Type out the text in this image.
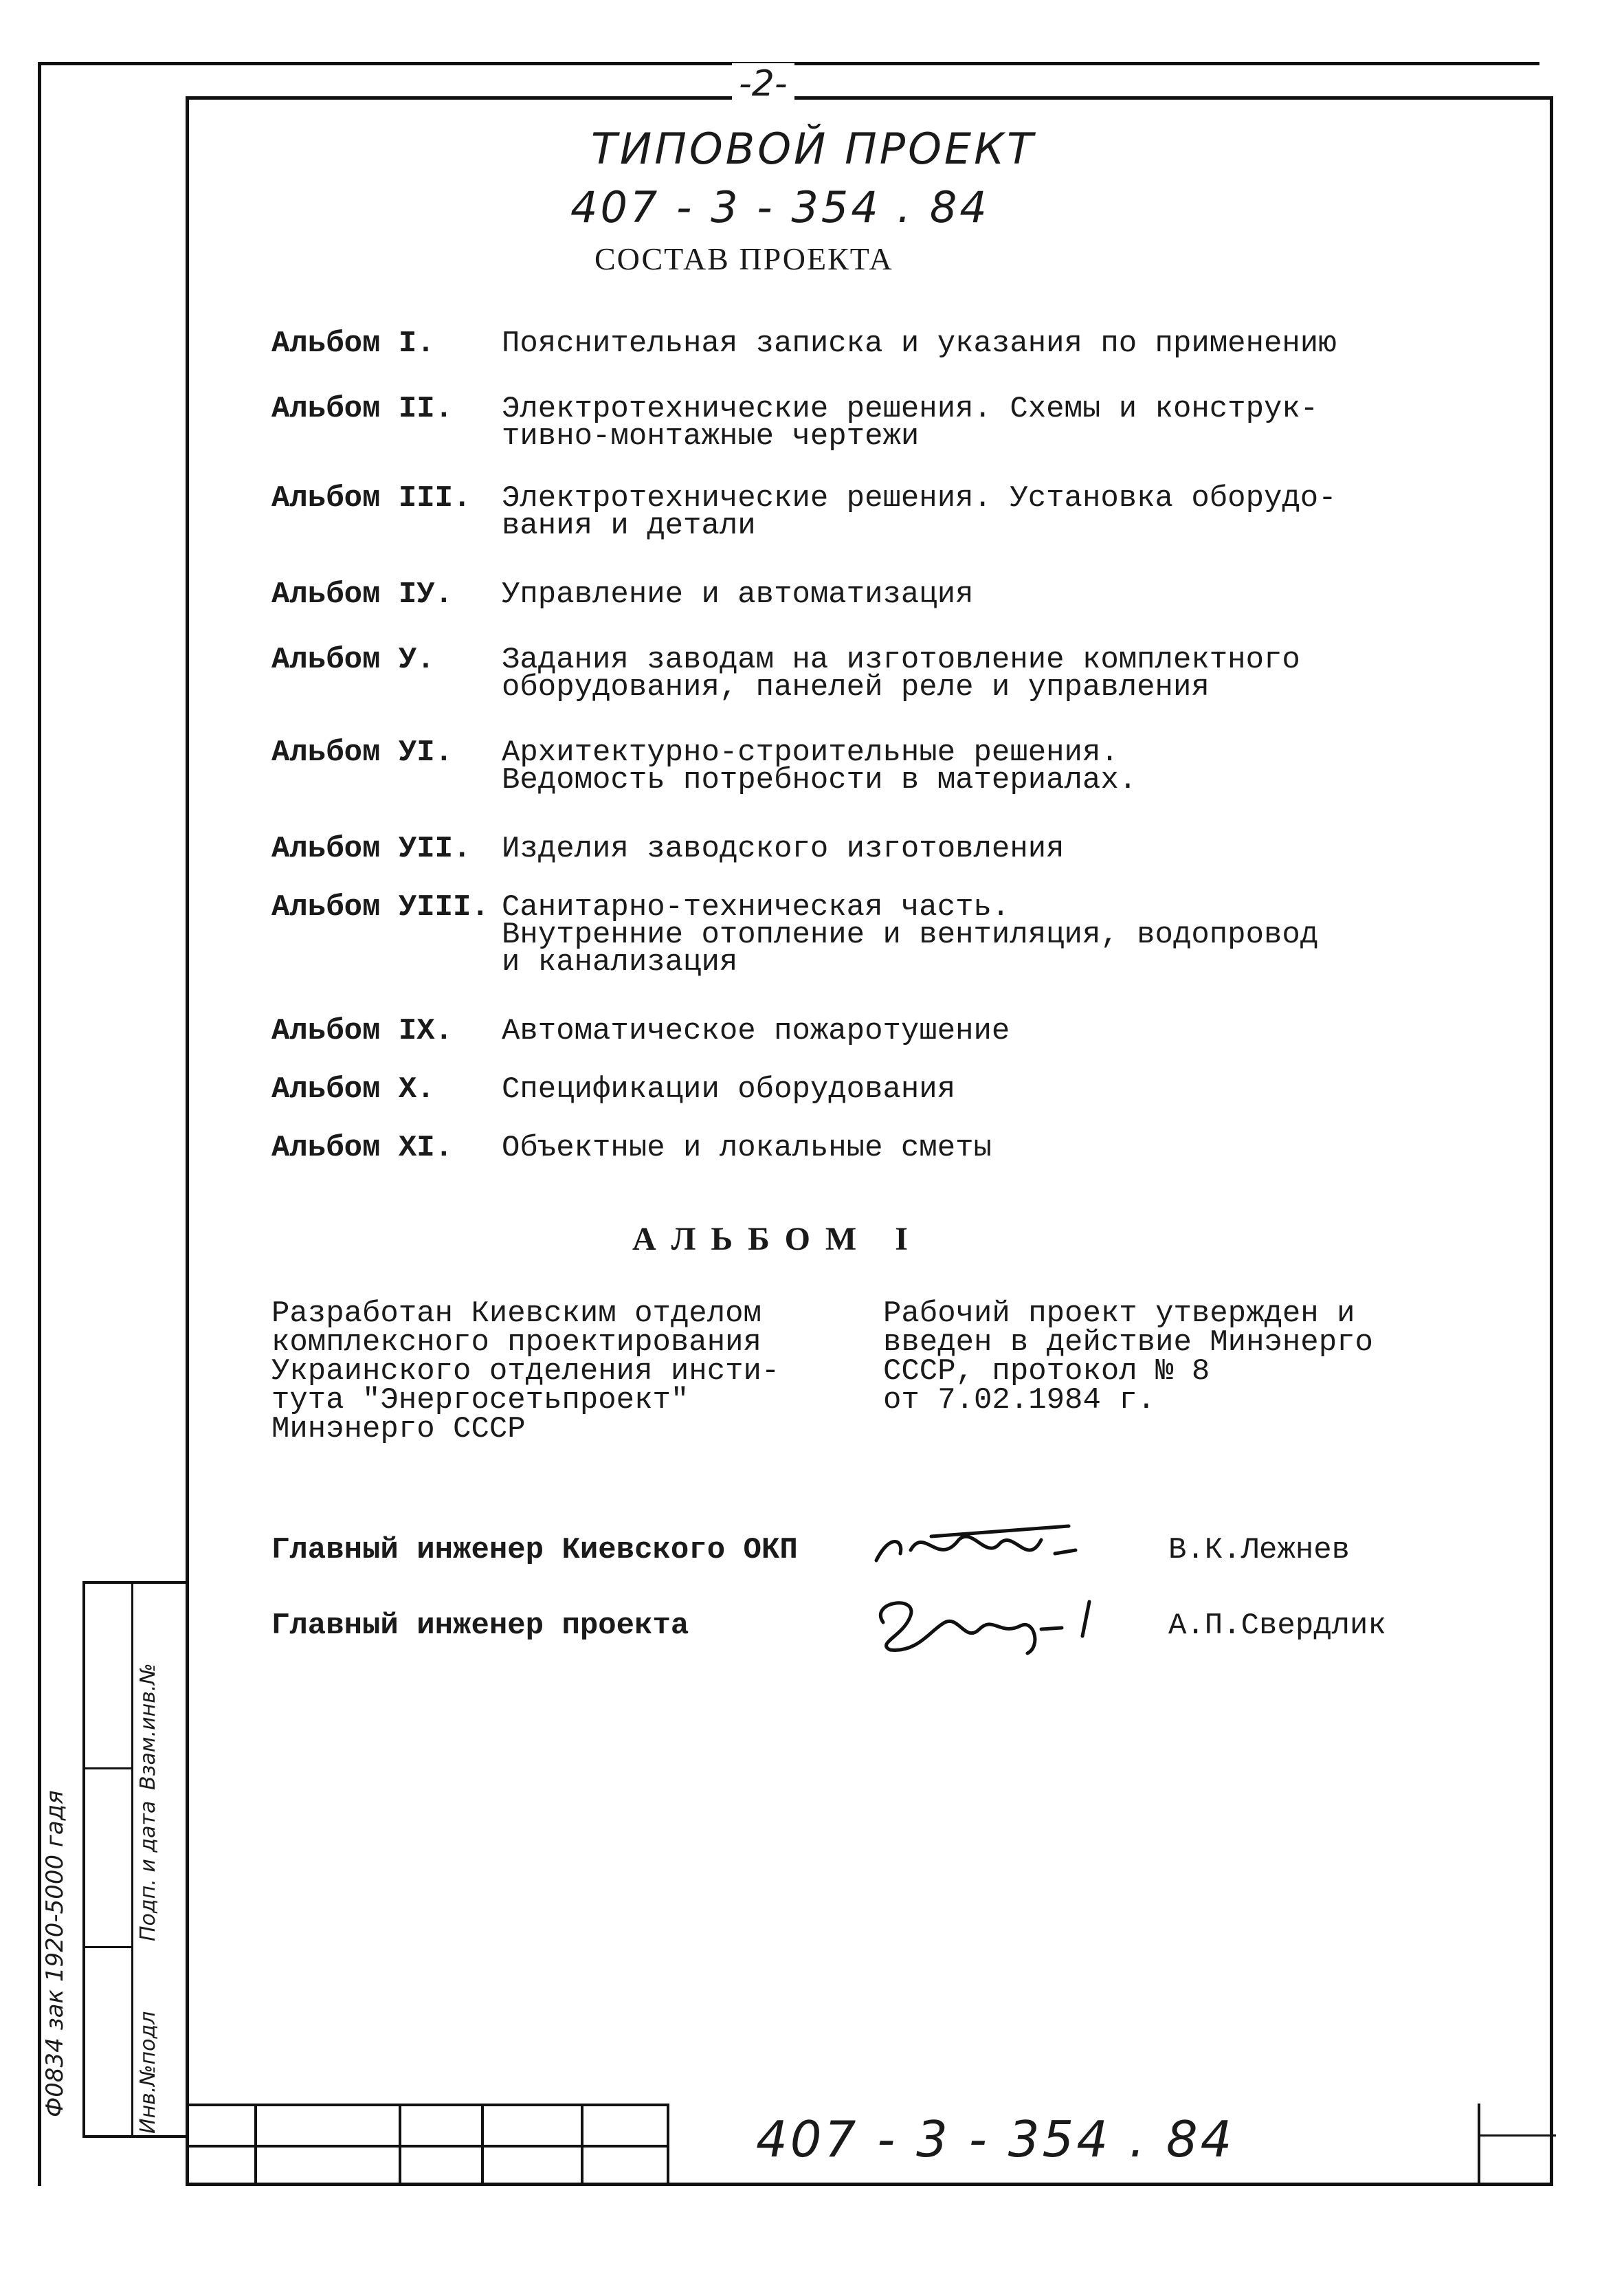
-2-
ТИПОВОЙ ПРОЕКТ
407 - 3 - 354 . 84
СОСТАВ ПРОЕКТА
Альбом I.	Пояснительная записка и указания по применению
Альбом II.	Электротехнические решения. Схемы и конструк-
тивно-монтажные чертежи
Альбом III.	Электротехнические решения. Установка оборудо-
вания и детали
Альбом IУ.	Управление и автоматизация
Альбом У.	Задания заводам на изготовление комплектного
оборудования, панелей реле и управления
Альбом УI.	Архитектурно-строительные решения.
Ведомость потребности в материалах.
Альбом УII.	Изделия заводского изготовления
Альбом УIII. Санитарно-техническая часть.
Внутренние отопление и вентиляция, водопровод
и канализация
Альбом IX.	Автоматическое пожаротушение
Альбом X.	Спецификации оборудования
Альбом XI.	Объектные и локальные сметы
АЛЬБОМ I
Разработан Киевским отделом
комплексного проектирования
Украинского отделения инсти-
тута "Энергосетьпроект"
Минэнерго СССР
Рабочий проект утвержден и
введен в действие Минэнерго
СССР, протокол № 8
от 7.02.1984 г.
Главный инженер Киевского ОКП	В.К.Лежнев
Главный инженер проекта	А.П.Свердлик
Взам.инв.№
Подп. и дата
Инв.№подл
Ф0834 зак 1920-5000 гадя
407 - 3 - 354 . 84
